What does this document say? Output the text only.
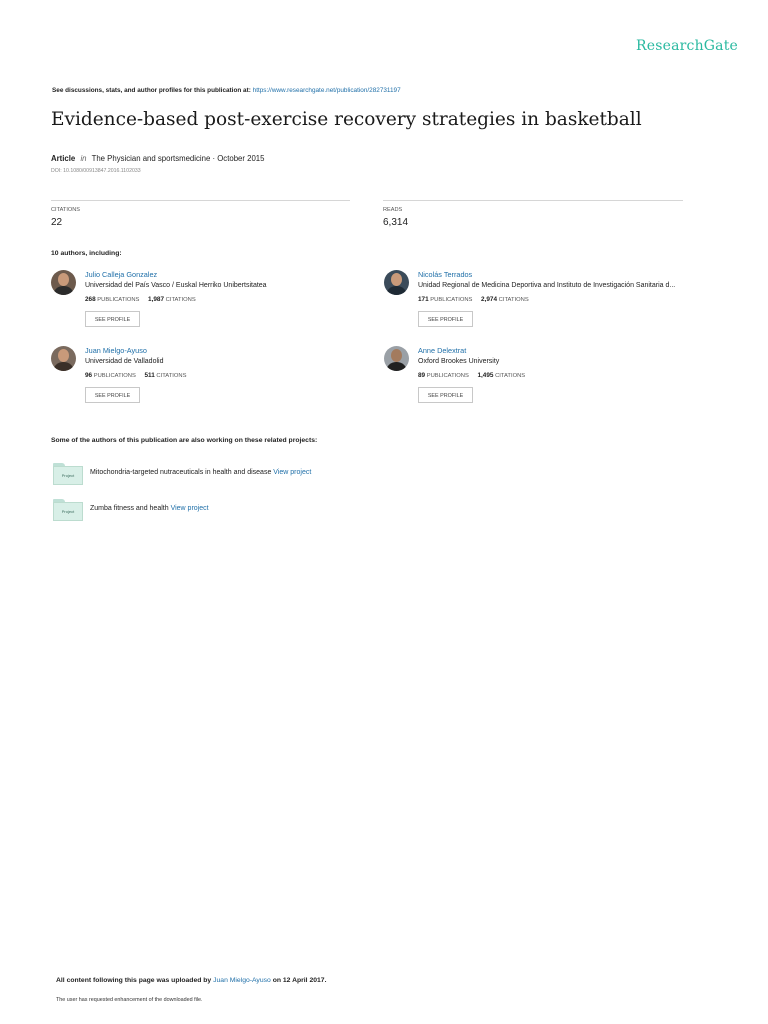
ResearchGate
See discussions, stats, and author profiles for this publication at: https://www.researchgate.net/publication/282731197
Evidence-based post-exercise recovery strategies in basketball
Article in The Physician and sportsmedicine · October 2015
DOI: 10.1080/00913847.2016.1102033
CITATIONS
22
READS
6,314
10 authors, including:
Julio Calleja Gonzalez
Universidad del País Vasco / Euskal Herriko Unibertsitatea
268 PUBLICATIONS 1,987 CITATIONS
SEE PROFILE
Nicolás Terrados
Unidad Regional de Medicina Deportiva and Instituto de Investigación Sanitaria d...
171 PUBLICATIONS 2,974 CITATIONS
SEE PROFILE
Juan Mielgo-Ayuso
Universidad de Valladolid
96 PUBLICATIONS 511 CITATIONS
SEE PROFILE
Anne Delextrat
Oxford Brookes University
89 PUBLICATIONS 1,495 CITATIONS
SEE PROFILE
Some of the authors of this publication are also working on these related projects:
Project	Mitochondria-targeted nutraceuticals in health and disease View project
Project	Zumba fitness and health View project
All content following this page was uploaded by Juan Mielgo-Ayuso on 12 April 2017.
The user has requested enhancement of the downloaded file.
